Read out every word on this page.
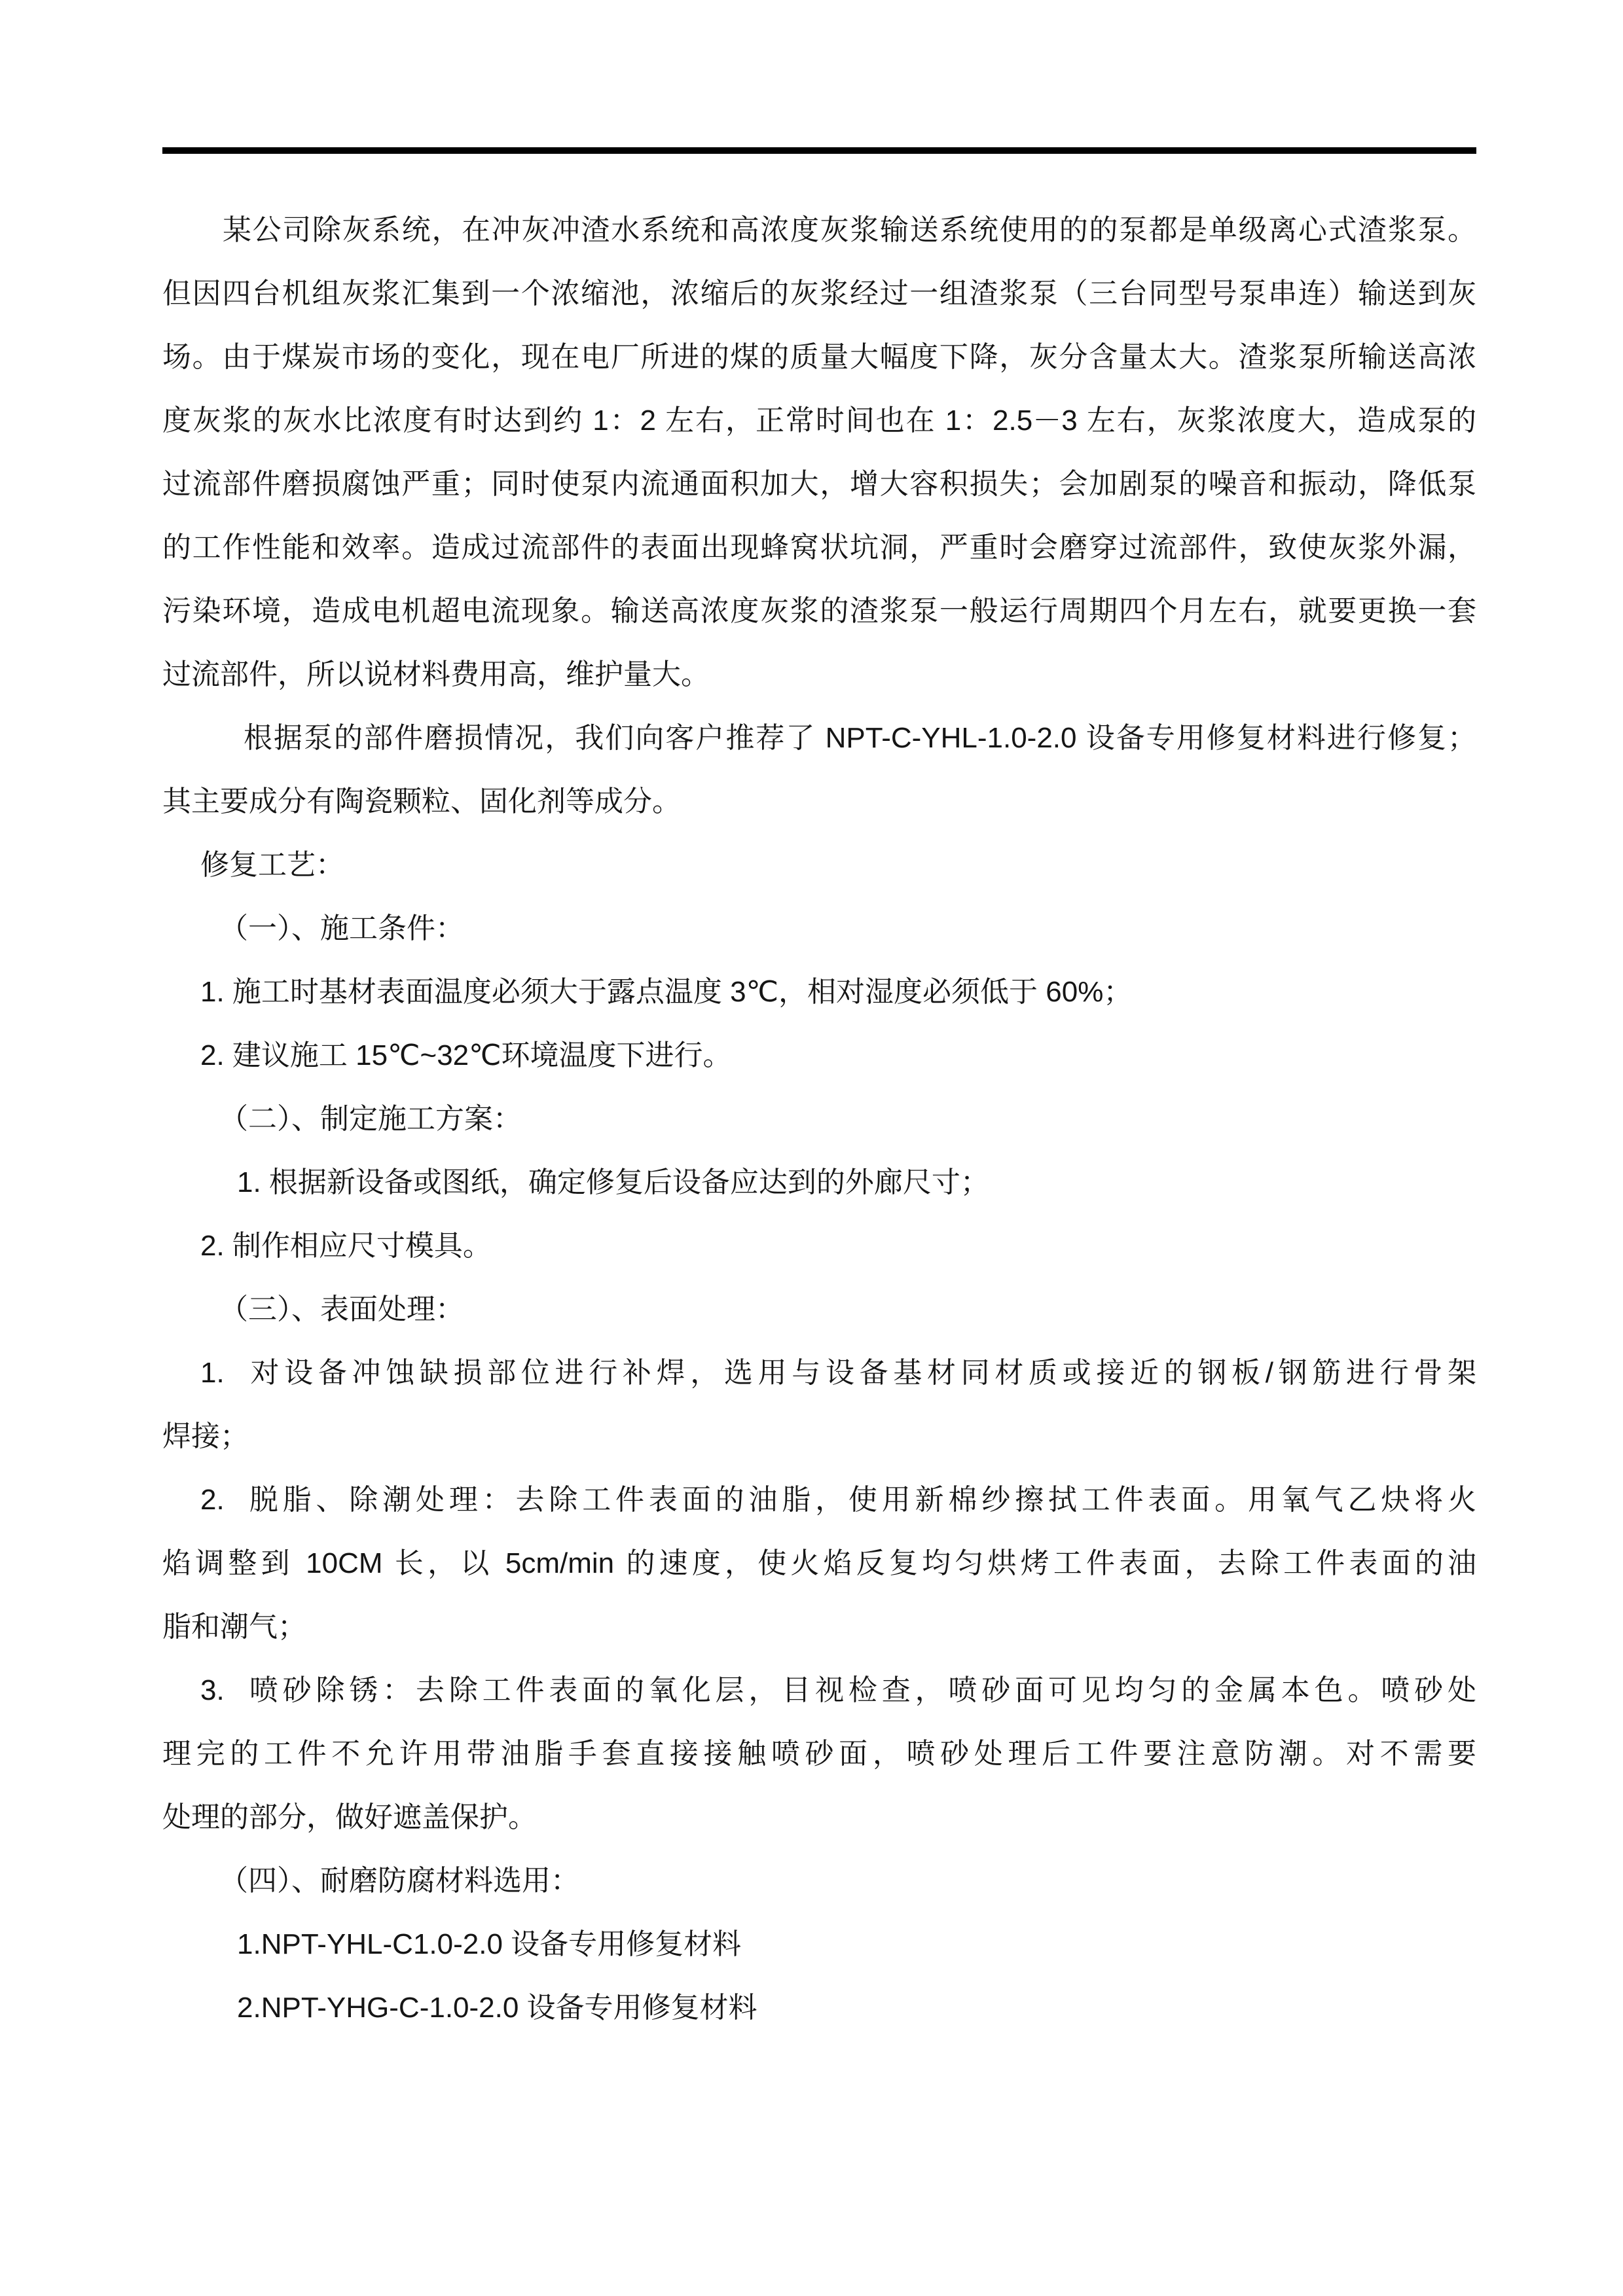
某公司除灰系统，在冲灰冲渣水系统和高浓度灰浆输送系统使用的的泵都是单级离心式渣浆泵。
但因四台机组灰浆汇集到一个浓缩池，浓缩后的灰浆经过一组渣浆泵（三台同型号泵串连）输送到灰
场。由于煤炭市场的变化，现在电厂所进的煤的质量大幅度下降，灰分含量太大。渣浆泵所输送高浓
度灰浆的灰水比浓度有时达到约 1：2 左右，正常时间也在 1：2.5－3 左右，灰浆浓度大，造成泵的
过流部件磨损腐蚀严重；同时使泵内流通面积加大，增大容积损失；会加剧泵的噪音和振动，降低泵
的工作性能和效率。造成过流部件的表面出现蜂窝状坑洞，严重时会磨穿过流部件，致使灰浆外漏，
污染环境，造成电机超电流现象。输送高浓度灰浆的渣浆泵一般运行周期四个月左右，就要更换一套
过流部件，所以说材料费用高，维护量大。
根据泵的部件磨损情况，我们向客户推荐了 NPT-C-YHL-1.0-2.0 设备专用修复材料进行修复；
其主要成分有陶瓷颗粒、固化剂等成分。
修复工艺：
（一）、施工条件：
1. 施工时基材表面温度必须大于露点温度 3℃，相对湿度必须低于 60%；
2. 建议施工 15℃~32℃环境温度下进行。
（二）、制定施工方案：
1. 根据新设备或图纸，确定修复后设备应达到的外廊尺寸；
2. 制作相应尺寸模具。
（三）、表面处理：
1.  对设备冲蚀缺损部位进行补焊，选用与设备基材同材质或接近的钢板/钢筋进行骨架
焊接；
2.  脱脂、除潮处理：去除工件表面的油脂，使用新棉纱擦拭工件表面。用氧气乙炔将火
焰调整到 10CM 长，以 5cm/min 的速度，使火焰反复均匀烘烤工件表面，去除工件表面的油
脂和潮气；
3.  喷砂除锈：去除工件表面的氧化层，目视检查，喷砂面可见均匀的金属本色。喷砂处
理完的工件不允许用带油脂手套直接接触喷砂面，喷砂处理后工件要注意防潮。对不需要
处理的部分，做好遮盖保护。
（四）、耐磨防腐材料选用：
1.NPT-YHL-C1.0-2.0 设备专用修复材料
2.NPT-YHG-C-1.0-2.0 设备专用修复材料
